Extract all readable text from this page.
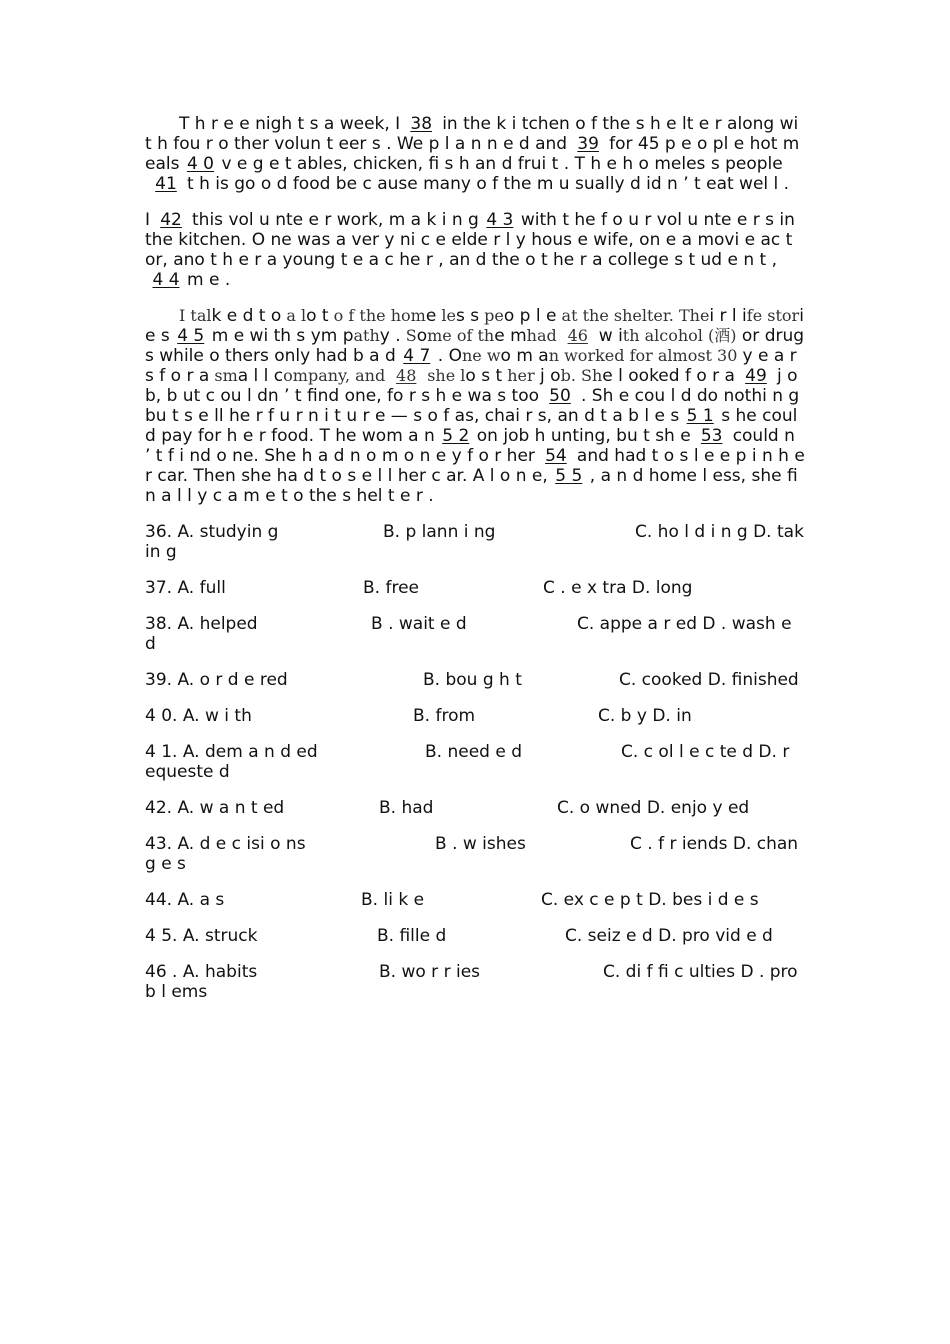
T h r e e nigh t s a week, I 38 in the k i tchen o f the s h e lt e r along wi t h fou r o ther volun t eer s . We p l a n n e d and 39 for 45 p e o pl e hot meals 4 0 v e g e t ables, chicken, fi s h an d frui t . T h e h o meles s people41 t h is go o d food be c ause many o f the m u sually d id n ’ t eat wel l .

I 42 this vol u nte e r work, m a k i n g 4 3 with t he f o u r vol u nte e r s in the kitchen. O ne was a ver y ni c e elde r l y hous e wife, on e a movi e ac t or, ano t h e r a young t e a c he r , an d the o t he r a college s t ud e n t ,4 4 m e .

I talk e d t o a lo t o f the home les s peo p l e at the shelter. Thei r l ife stori e s 4 5 m e wi th s ym pathy . Some of the mhad 46 w ith alcohol (酒) or drug s while o thers only had b a d 4 7 . One wo m an worked for almost 30 y e a r s f o r a sma l l company, and 48 she lo s t her j ob. She l ooked f o r a 49 j ob, b ut c ou l dn ’ t find one, fo r s h e wa s too 50 . Sh e cou l d do nothi n g bu t s e ll he r f u r n i t u r e — s o f as, chai r s, an d t a b l e s 5 1 s he coul d pay for h e r food. T he wom a n 5 2 on job h unting, bu t sh e 53 could n ’ t f i nd o ne. She h a d n o m o n e y f o r her 54 and had t o s l e e p i n h e r car. Then she ha d t o s e l l her c ar. A l o n e, 5 5 , a n d home l ess, she fin a l l y c a m e t o the s hel t e r .

36. A. studyin g	B. p lann i ng	C. ho l d i n g D. takin g

37. A. full	B. free	C . e x tra D. long

38. A. helped	B . wait e d	C. appe a r ed D . wash e d

39. A. o r d e red	B. bou g h t	C. cooked D. finished

4 0. A. w i th	B. from	C. b y D. in

4 1. A. dem a n d ed	B. need e d	C. c ol l e c te d D. r equeste d

42. A. w a n t ed	B. had	C. o wned D. enjo y ed

43. A. d e c isi o ns	B . w ishes	C . f r iends D. chang e s

44. A. a s	B. li k e	C. ex c e p t D. bes i d e s

4 5. A. struck	B. fille d	C. seiz e d D. pro vid e d

46 . A. habits	B. wo r r ies	C. di f fi c ulties D . pro b l ems
